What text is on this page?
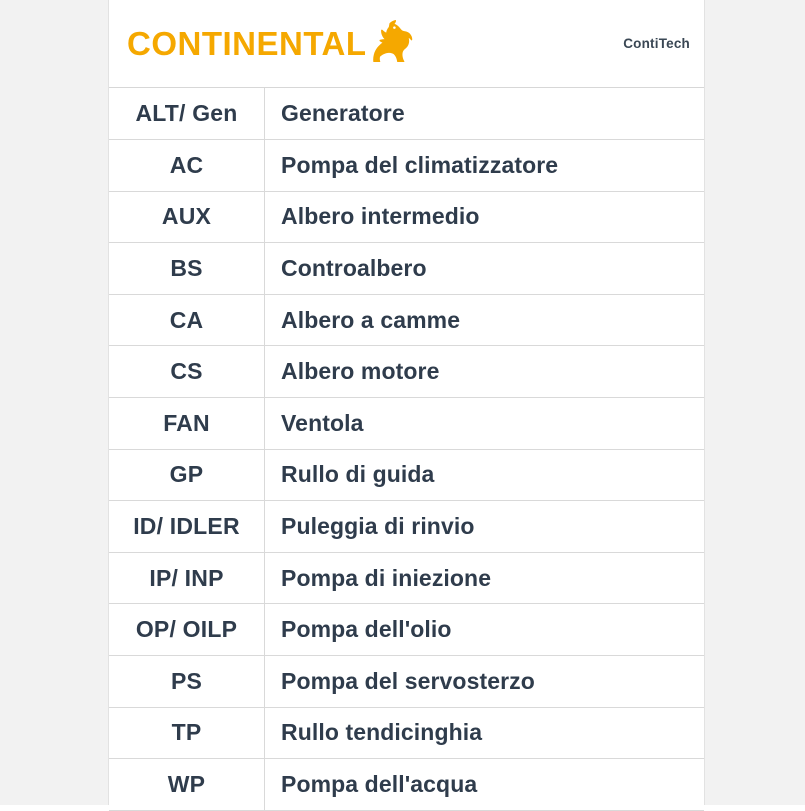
CONTINENTAL	ContiTech
ALT/ Gen	Generatore
AC	Pompa del climatizzatore
AUX	Albero intermedio
BS	Controalbero
CA	Albero a camme
CS	Albero motore
FAN	Ventola
GP	Rullo di guida
ID/ IDLER	Puleggia di rinvio
IP/ INP	Pompa di iniezione
OP/ OILP	Pompa dell'olio
PS	Pompa del servosterzo
TP	Rullo tendicinghia
WP	Pompa dell'acqua
